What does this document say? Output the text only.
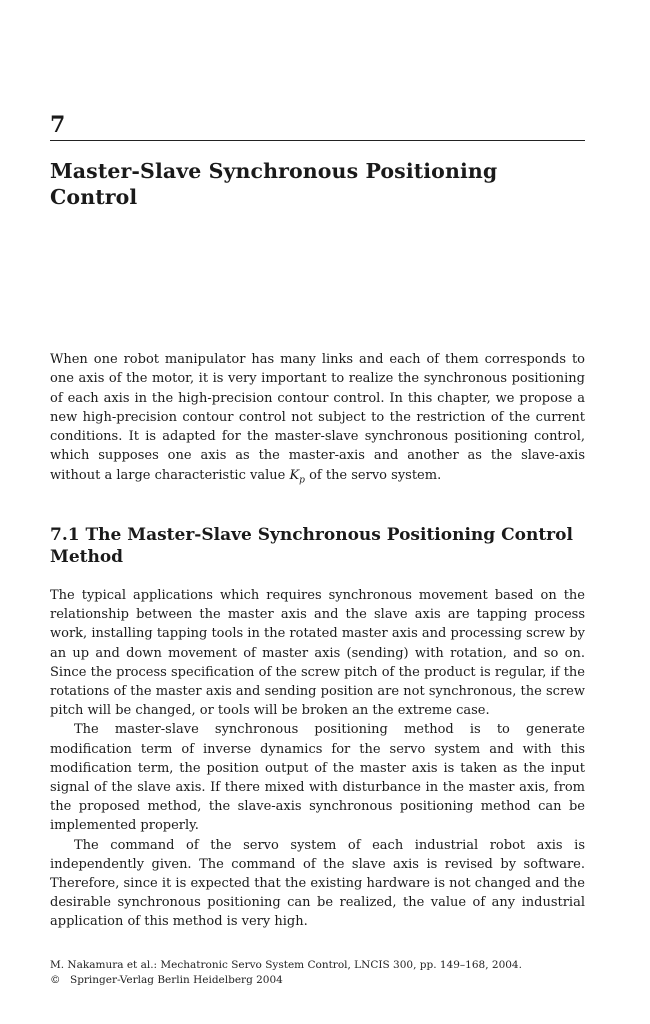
7
Master-Slave Synchronous Positioning Control

When one robot manipulator has many links and each of them corresponds to one axis of the motor, it is very important to realize the synchronous positioning of each axis in the high-precision contour control. In this chapter, we propose a new high-precision contour control not subject to the restriction of the current conditions. It is adapted for the master-slave synchronous positioning control, which supposes one axis as the master-axis and another as the slave-axis without a large characteristic value $K_p$ of the servo system.

7.1 The Master-Slave Synchronous Positioning Control Method

The typical applications which requires synchronous movement based on the relationship between the master axis and the slave axis are tapping process work, installing tapping tools in the rotated master axis and processing screw by an up and down movement of master axis (sending) with rotation, and so on. Since the process specification of the screw pitch of the product is regular, if the rotations of the master axis and sending position are not synchronous, the screw pitch will be changed, or tools will be broken an the extreme case.

The master-slave synchronous positioning method is to generate modification term of inverse dynamics for the servo system and with this modification term, the position output of the master axis is taken as the input signal of the slave axis. If there mixed with disturbance in the master axis, from the proposed method, the slave-axis synchronous positioning method can be implemented properly.

The command of the servo system of each industrial robot axis is independently given. The command of the slave axis is revised by software. Therefore, since it is expected that the existing hardware is not changed and the desirable synchronous positioning can be realized, the value of any industrial application of this method is very high.

M. Nakamura et al.: Mechatronic Servo System Control, LNCIS 300, pp. 149–168, 2004.
© Springer-Verlag Berlin Heidelberg 2004
